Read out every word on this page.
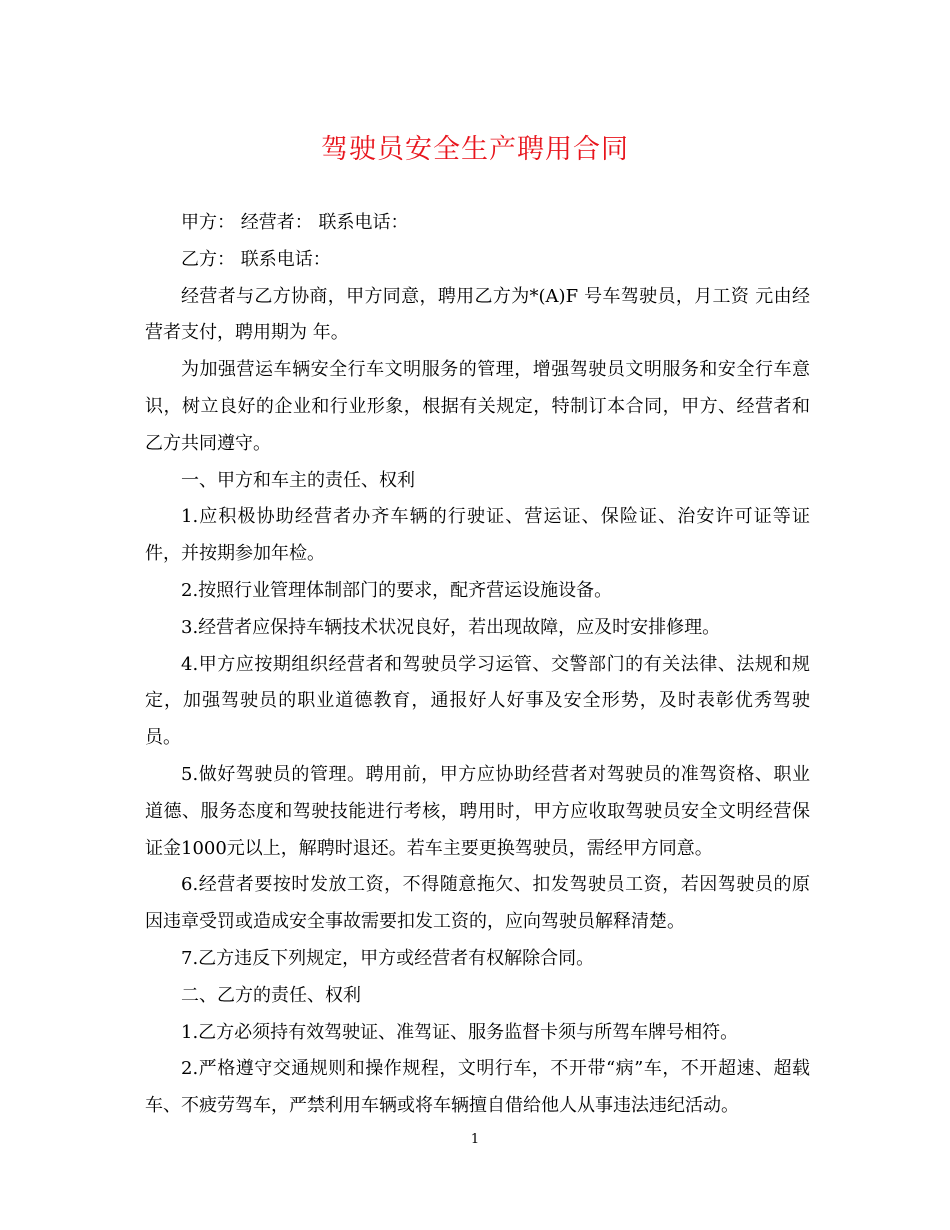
驾驶员安全生产聘用合同

甲方： 经营者： 联系电话：

乙方： 联系电话：

经营者与乙方协商，甲方同意，聘用乙方为*(A)F 号车驾驶员，月工资 元由经营者支付，聘用期为 年。

为加强营运车辆安全行车文明服务的管理，增强驾驶员文明服务和安全行车意识，树立良好的企业和行业形象，根据有关规定，特制订本合同，甲方、经营者和乙方共同遵守。

一、甲方和车主的责任、权利

1.应积极协助经营者办齐车辆的行驶证、营运证、保险证、治安许可证等证件，并按期参加年检。

2.按照行业管理体制部门的要求，配齐营运设施设备。

3.经营者应保持车辆技术状况良好，若出现故障，应及时安排修理。

4.甲方应按期组织经营者和驾驶员学习运管、交警部门的有关法律、法规和规定，加强驾驶员的职业道德教育，通报好人好事及安全形势，及时表彰优秀驾驶员。

5.做好驾驶员的管理。聘用前，甲方应协助经营者对驾驶员的准驾资格、职业道德、服务态度和驾驶技能进行考核，聘用时，甲方应收取驾驶员安全文明经营保证金1000元以上，解聘时退还。若车主要更换驾驶员，需经甲方同意。

6.经营者要按时发放工资，不得随意拖欠、扣发驾驶员工资，若因驾驶员的原因违章受罚或造成安全事故需要扣发工资的，应向驾驶员解释清楚。

7.乙方违反下列规定，甲方或经营者有权解除合同。

二、乙方的责任、权利

1.乙方必须持有效驾驶证、准驾证、服务监督卡须与所驾车牌号相符。

2.严格遵守交通规则和操作规程，文明行车，不开带“病”车，不开超速、超载车、不疲劳驾车，严禁利用车辆或将车辆擅自借给他人从事违法违纪活动。

1
